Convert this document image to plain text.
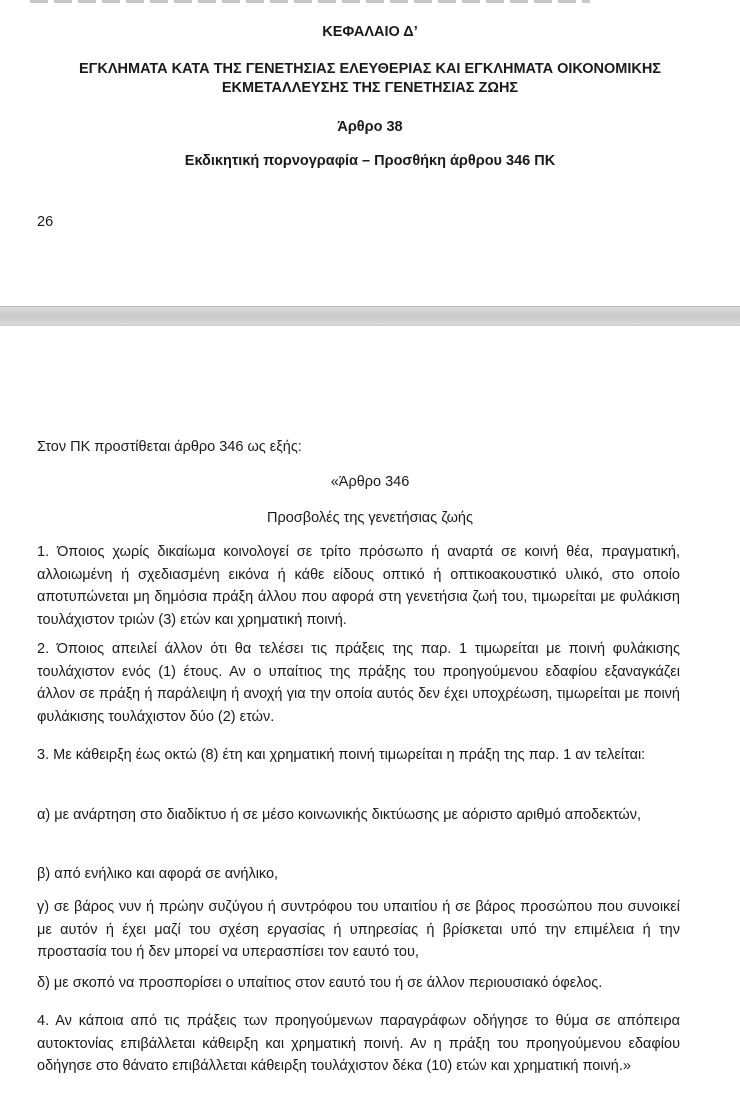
ΚΕΦΑΛΑΙΟ Δ’
ΕΓΚΛΗΜΑΤΑ ΚΑΤΑ ΤΗΣ ΓΕΝΕΤΗΣΙΑΣ ΕΛΕΥΘΕΡΙΑΣ ΚΑΙ ΕΓΚΛΗΜΑΤΑ ΟΙΚΟΝΟΜΙΚΗΣ
ΕΚΜΕΤΑΛΛΕΥΣΗΣ ΤΗΣ ΓΕΝΕΤΗΣΙΑΣ ΖΩΗΣ
Άρθρο 38
Εκδικητική πορνογραφία – Προσθήκη άρθρου 346 ΠΚ
26
Στον ΠΚ προστίθεται άρθρο 346 ως εξής:
«Άρθρο 346
Προσβολές της γενετήσιας ζωής

1. Όποιος χωρίς δικαίωμα κοινολογεί σε τρίτο πρόσωπο ή αναρτά σε κοινή θέα, πραγματική, αλλοιωμένη ή σχεδιασμένη εικόνα ή κάθε είδους οπτικό ή οπτικοακουστικό υλικό, στο οποίο αποτυπώνεται μη δημόσια πράξη άλλου που αφορά στη γενετήσια ζωή του, τιμωρείται με φυλάκιση τουλάχιστον τριών (3) ετών και χρηματική ποινή.

2. Όποιος απειλεί άλλον ότι θα τελέσει τις πράξεις της παρ. 1 τιμωρείται με ποινή φυλάκισης τουλάχιστον ενός (1) έτους. Αν ο υπαίτιος της πράξης του προηγούμενου εδαφίου εξαναγκάζει άλλον σε πράξη ή παράλειψη ή ανοχή για την οποία αυτός δεν έχει υποχρέωση, τιμωρείται με ποινή φυλάκισης τουλάχιστον δύο (2) ετών.

3. Με κάθειρξη έως οκτώ (8) έτη και χρηματική ποινή τιμωρείται η πράξη της παρ. 1 αν τελείται:

α) με ανάρτηση στο διαδίκτυο ή σε μέσο κοινωνικής δικτύωσης με αόριστο αριθμό αποδεκτών,

β) από ενήλικο και αφορά σε ανήλικο,

γ) σε βάρος νυν ή πρώην συζύγου ή συντρόφου του υπαιτίου ή σε βάρος προσώπου που συνοικεί με αυτόν ή έχει μαζί του σχέση εργασίας ή υπηρεσίας ή βρίσκεται υπό την επιμέλεια ή την προστασία του ή δεν μπορεί να υπερασπίσει τον εαυτό του,

δ) με σκοπό να προσπορίσει ο υπαίτιος στον εαυτό του ή σε άλλον περιουσιακό όφελος.

4. Αν κάποια από τις πράξεις των προηγούμενων παραγράφων οδήγησε το θύμα σε απόπειρα αυτοκτονίας επιβάλλεται κάθειρξη και χρηματική ποινή. Αν η πράξη του προηγούμενου εδαφίου οδήγησε στο θάνατο επιβάλλεται κάθειρξη τουλάχιστον δέκα (10) ετών και χρηματική ποινή.»
